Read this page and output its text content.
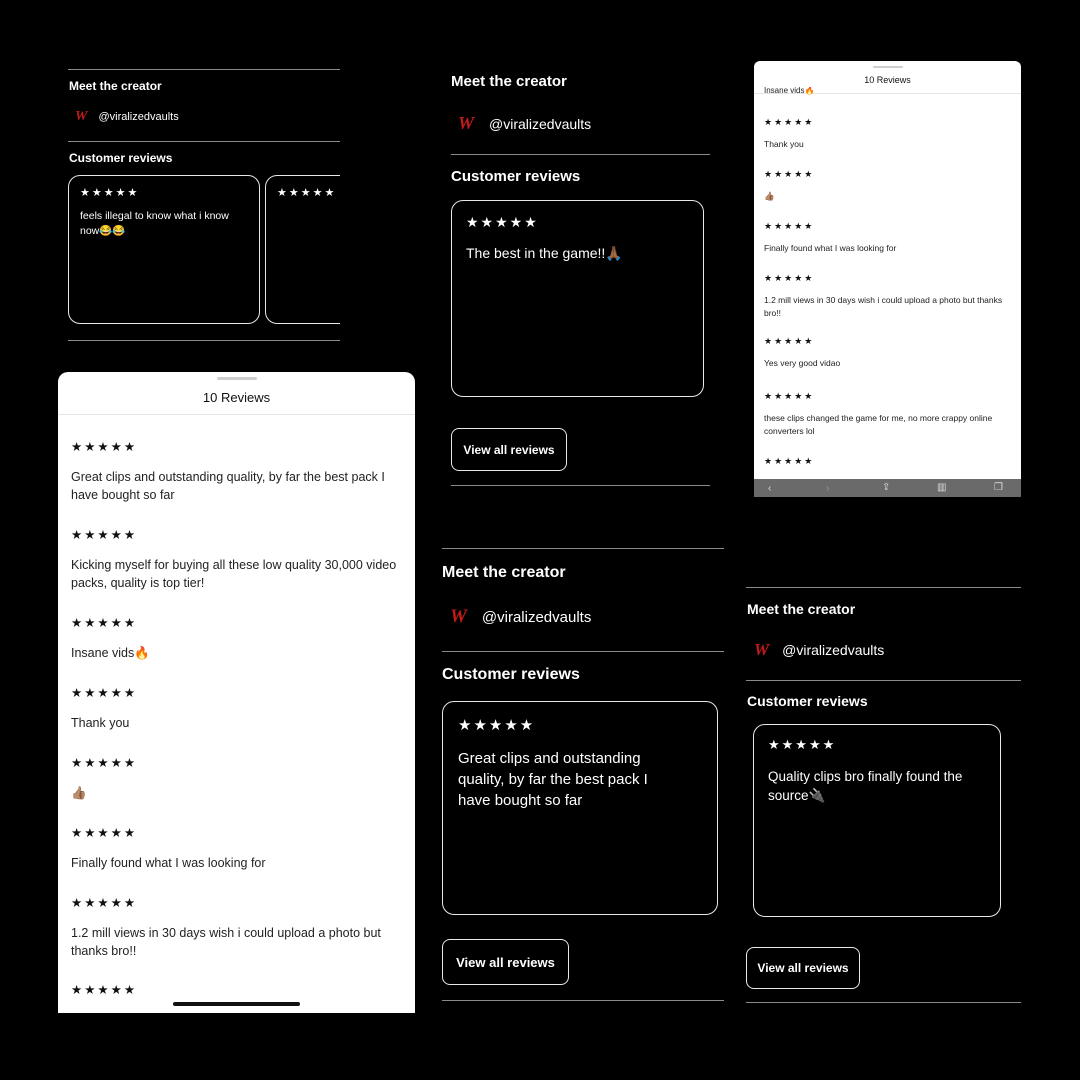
Meet the creator
W @viralizedvaults
Customer reviews
★★★★★
feels illegal to know what i know now😂😂
★★★★★
Meet the creator
W @viralizedvaults
Customer reviews
★★★★★
The best in the game!!🙏🏾
View all reviews
10 Reviews
Insane vids🔥
‹	›	⇪	▥	❐
★★★★★
Thank you
★★★★★
👍🏽
★★★★★
Finally found what I was looking for
★★★★★
1.2 mill views in 30 days wish i could upload a photo but thanks bro!!
★★★★★
Yes very good vidao
★★★★★
these clips changed the game for me, no more crappy online converters lol
★★★★★
10 Reviews
★★★★★
Great clips and outstanding quality, by far the best pack I have bought so far
★★★★★
Kicking myself for buying all these low quality 30,000 video packs, quality is top tier!
★★★★★
Insane vids🔥
★★★★★
Thank you
★★★★★
👍🏽
★★★★★
Finally found what I was looking for
★★★★★
1.2 mill views in 30 days wish i could upload a photo but thanks bro!!
★★★★★
Meet the creator
W @viralizedvaults
Customer reviews
★★★★★
Great clips and outstanding quality, by far the best pack I have bought so far
View all reviews
Meet the creator
W @viralizedvaults
Customer reviews
★★★★★
Quality clips bro finally found the source🔌
View all reviews
